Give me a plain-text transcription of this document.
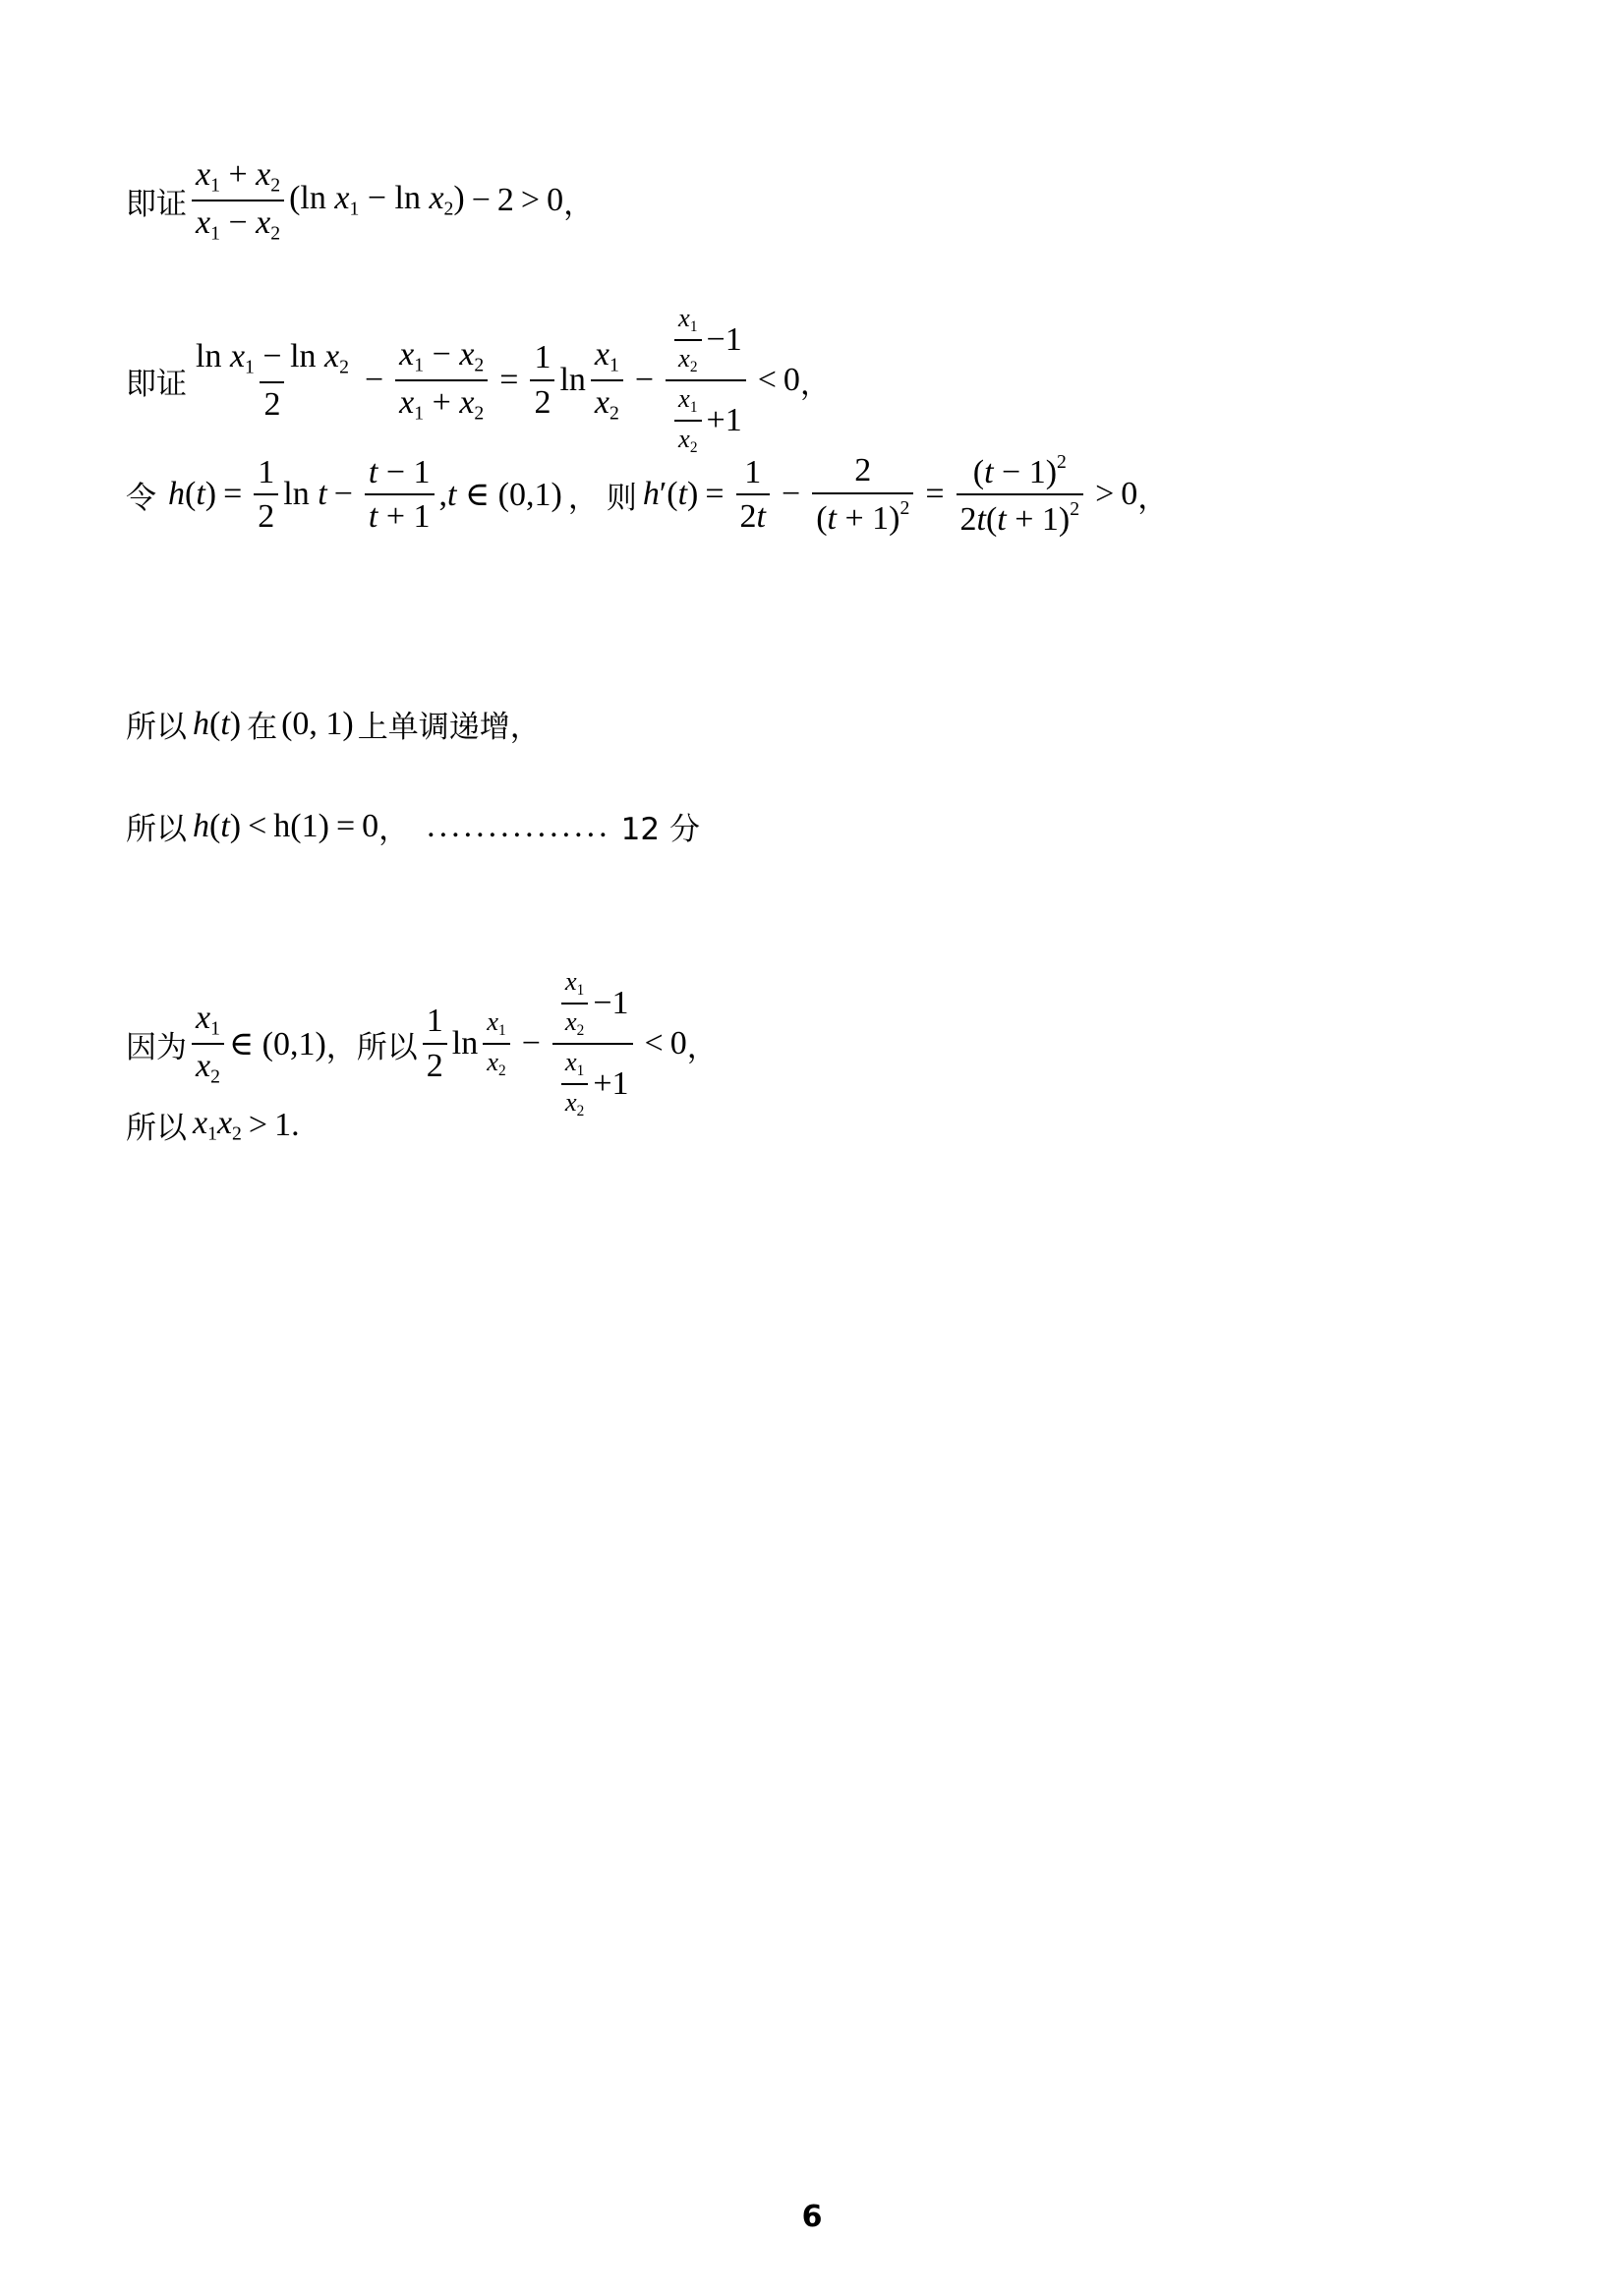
即证 $\frac{x_1 + x_2}{x_1 - x_2} (\ln$ $x_1 - \ln x_2) - 2 > 0$ ，
即证 $\frac{\ln x_1 - \ln x_2}{2} - \frac{x_1 - x_2}{x_1 + x_2} = \frac{1}{2}$ $\ln \frac{x_1}{x_2} - \frac{\frac{x_1}{x_2} -1}{\frac{x_1}{x_2} +1} < 0$ ，
令 $h(t) = \frac{1}{2}$ $\ln t - \frac{t - 1}{t + 1} ,t$ ∈ (0,1) ， 则 $h'(t) = \frac{1}{2t} - \frac{2}{(t + 1)^2} = \frac{(t - 1)^2}{2t(t + 1)^2} > 0$ ，
所以 h(t) 在 (0, 1) 上单调递增，
所以 h(t) < h(1) = 0 ， ............... 12 分
因为 $\frac{x_1}{x_2}$ ∈ (0,1) ，所以 $\frac{1}{2}$ $\ln \frac{x_1}{x_2} - \frac{\frac{x_1}{x_2} -1}{\frac{x_1}{x_2} +1} < 0$ ，
所以 $x_1x_2 > 1$ .
6
